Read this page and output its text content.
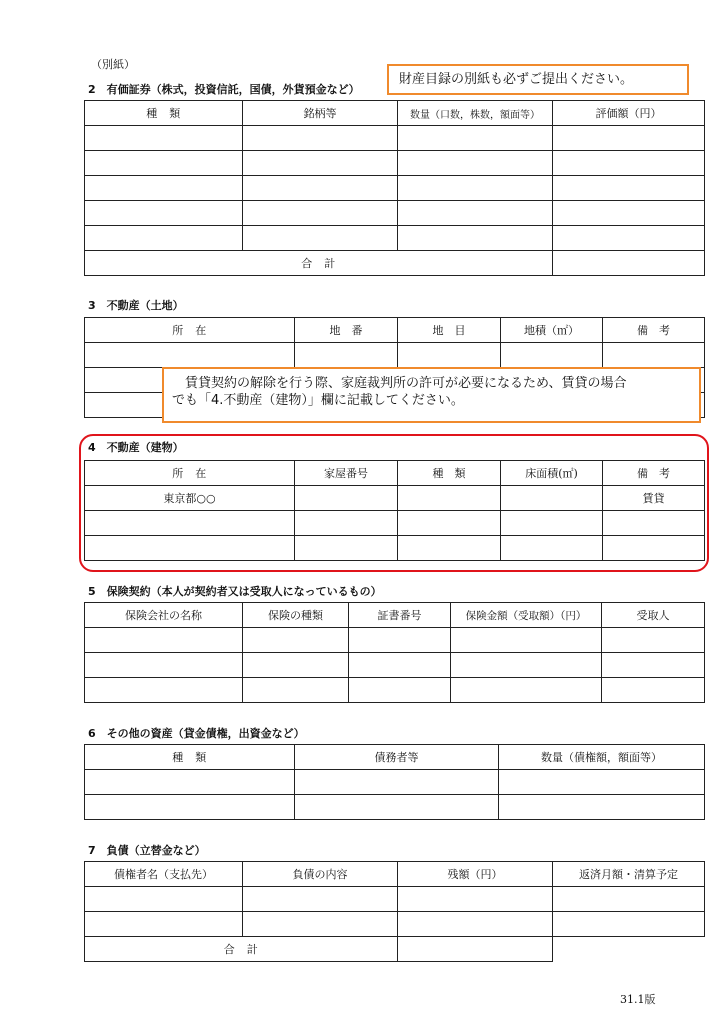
（別紙）
2　有価証券（株式，投資信託，国債，外貨預金など）
種　類	銘柄等	数量（口数，株数，額面等）	評価額（円）

合　計			
財産目録の別紙も必ずご提出ください。
3　不動産（土地）
所　在	地　番	地　目	地積（㎡）	備　考

　賃貸契約の解除を行う際、家庭裁判所の許可が必要になるため、賃貸の場合
でも「4.不動産（建物）」欄に記載してください。
4　不動産（建物）
所　在	家屋番号	種　類	床面積(㎡)	備　考
東京都○○				賃貸

5　保険契約（本人が契約者又は受取人になっているもの）
保険会社の名称	保険の種類	証書番号	保険金額（受取額）（円）	受取人

6　その他の資産（貸金債権，出資金など）
種　類	債務者等	数量（債権額，額面等）

7　負債（立替金など）
債権者名（支払先）	負債の内容	残額（円）	返済月額・清算予定

合　計			
31.1版
